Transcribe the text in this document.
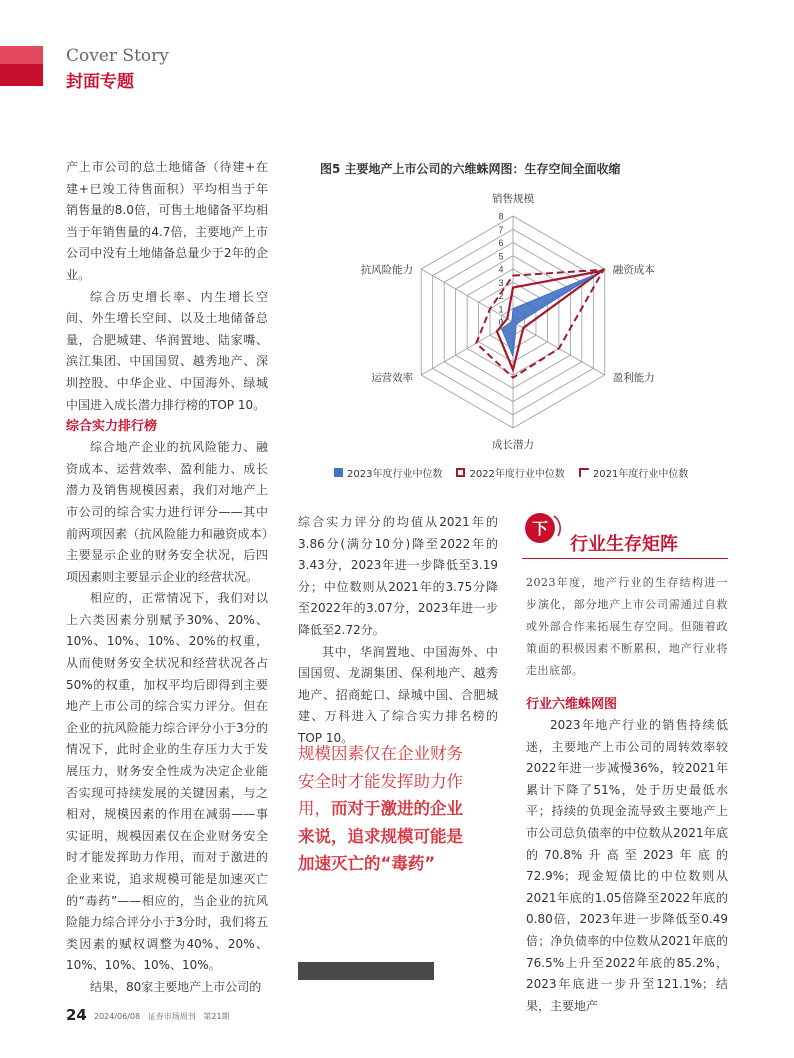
Cover Story
封面专题

产上市公司的总土地储备（待建+在建+已竣工待售面积）平均相当于年销售量的8.0倍，可售土地储备平均相当于年销售量的4.7倍，主要地产上市公司中没有土地储备总量少于2年的企业。

综合历史增长率、内生增长空间、外生增长空间、以及土地储备总量，合肥城建、华润置地、陆家嘴、滨江集团、中国国贸、越秀地产、深圳控股、中华企业、中国海外、绿城中国进入成长潜力排行榜的TOP 10。

综合实力排行榜

综合地产企业的抗风险能力、融资成本、运营效率、盈利能力、成长潜力及销售规模因素，我们对地产上市公司的综合实力进行评分——其中前两项因素（抗风险能力和融资成本）主要显示企业的财务安全状况，后四项因素则主要显示企业的经营状况。

相应的，正常情况下，我们对以上六类因素分别赋予30%、20%、10%、10%、10%、20%的权重，从而使财务安全状况和经营状况各占50%的权重，加权平均后即得到主要地产上市公司的综合实力评分。但在企业的抗风险能力综合评分小于3分的情况下，此时企业的生存压力大于发展压力，财务安全性成为决定企业能否实现可持续发展的关键因素，与之相对，规模因素的作用在减弱——事实证明，规模因素仅在企业财务安全时才能发挥助力作用，而对于激进的企业来说，追求规模可能是加速灭亡的“毒药”——相应的，当企业的抗风险能力综合评分小于3分时，我们将五类因素的赋权调整为40%、20%、10%、10%、10%、10%。

结果，80家主要地产上市公司的

图5 主要地产上市公司的六维蛛网图：生存空间全面收缩
0
1
2
3
4
5
6
7
8
销售规模
融资成本
盈利能力
成长潜力
运营效率
抗风险能力
2023年度行业中位数	2022年度行业中位数	2021年度行业中位数

综合实力评分的均值从2021年的3.86分(满分10分)降至2022年的3.43分，2023年进一步降低至3.19分；中位数则从2021年的3.75分降至2022年的3.07分，2023年进一步降低至2.72分。

其中，华润置地、中国海外、中国国贸、龙湖集团、保利地产、越秀地产、招商蛇口、绿城中国、合肥城建、万科进入了综合实力排名榜的TOP 10。

规模因素仅在企业财务安全时才能发挥助力作用，而对于激进的企业来说，追求规模可能是加速灭亡的“毒药”
下
行业生存矩阵
2023年度，地产行业的生存结构进一步演化，部分地产上市公司需通过自救或外部合作来拓展生存空间。但随着政策面的积极因素不断累积，地产行业将走出底部。

行业六维蛛网图

2023年地产行业的销售持续低迷，主要地产上市公司的周转效率较2022年进一步减慢36%，较2021年累计下降了51%，处于历史最低水平；持续的负现金流导致主要地产上市公司总负债率的中位数从2021年底的70.8%升高至2023年底的72.9%；现金短债比的中位数则从2021年底的1.05倍降至2022年底的0.80倍，2023年进一步降低至0.49倍；净负债率的中位数从2021年底的76.5%上升至2022年底的85.2%，2023年底进一步升至121.1%；结果，主要地产

24 2024/06/08 证券市场周刊 第21期
